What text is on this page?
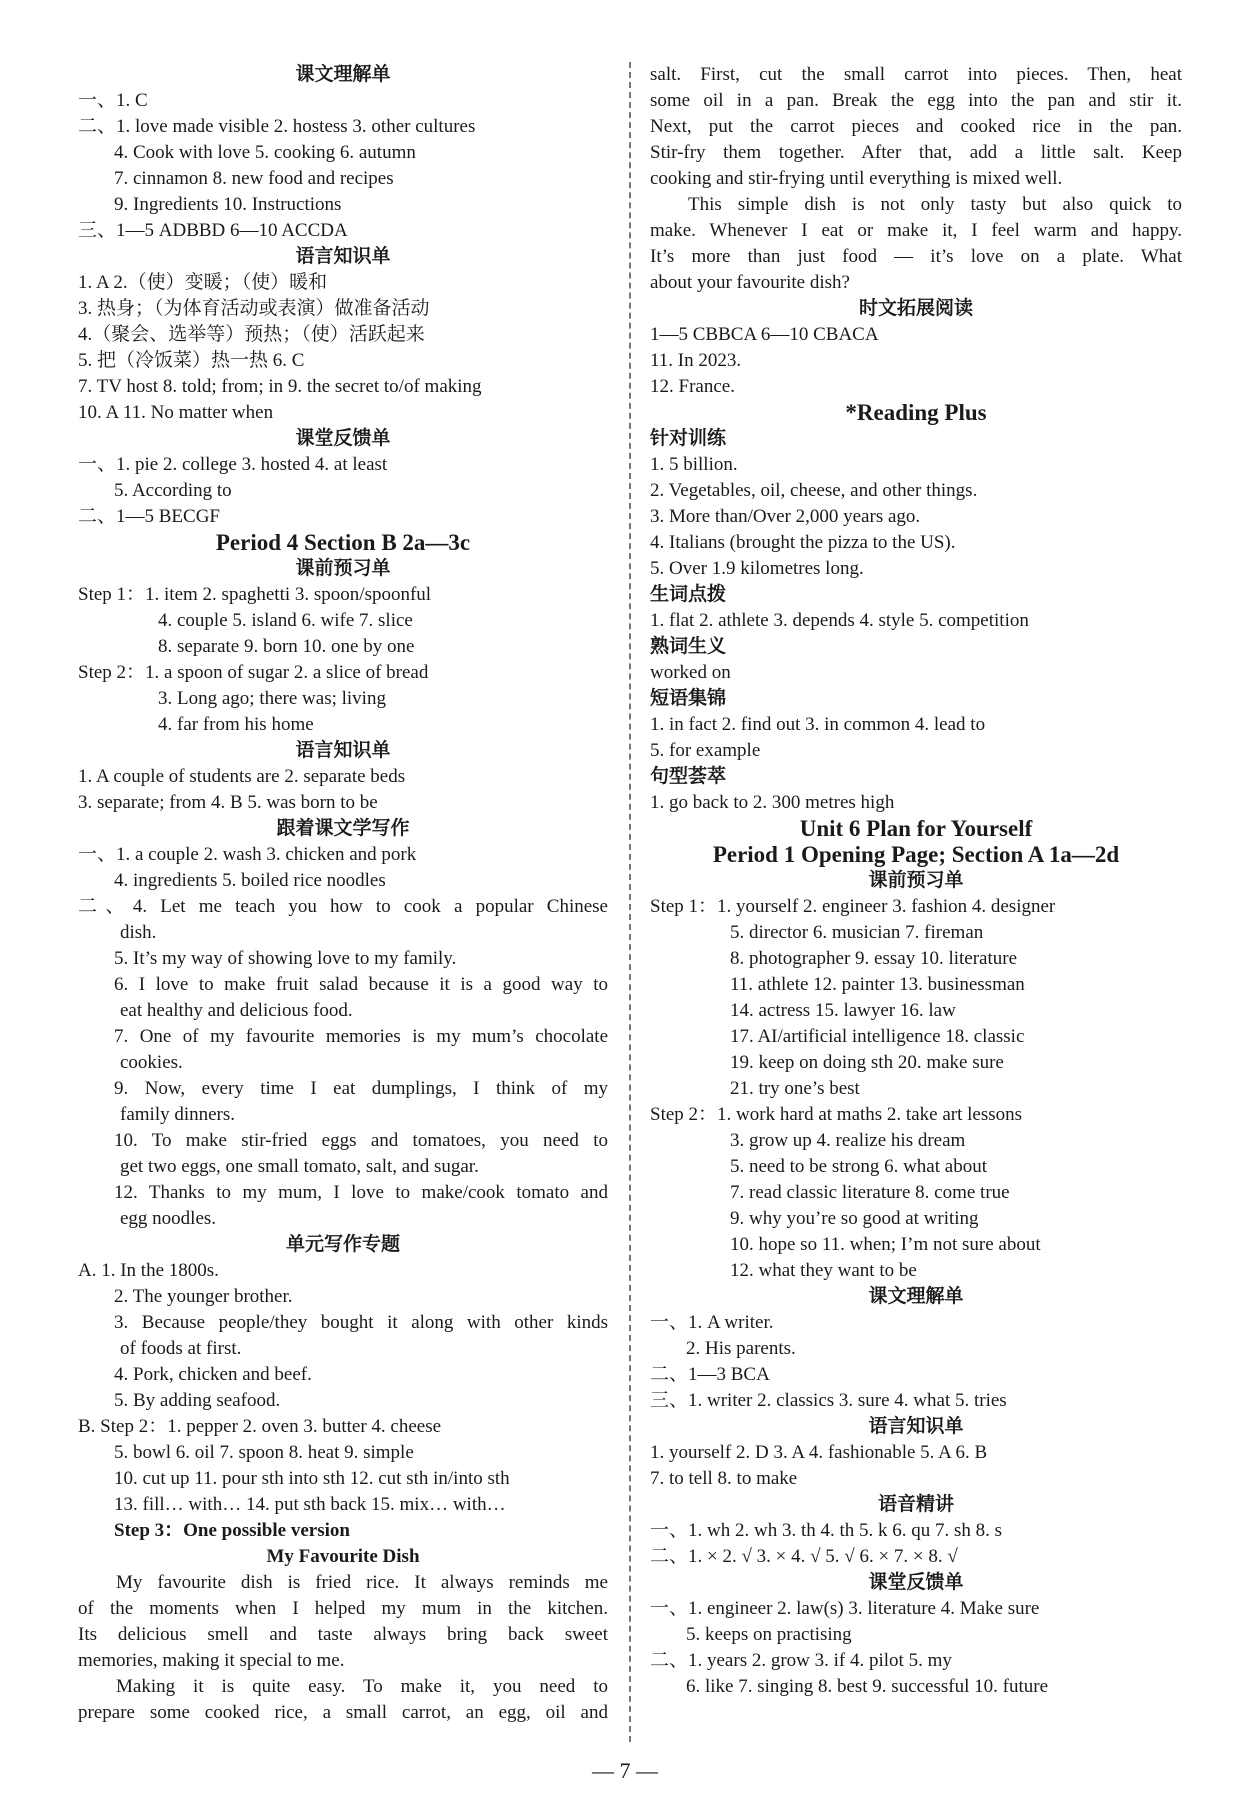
课文理解单
一、1. C
二、1. love made visible 2. hostess 3. other cultures
4. Cook with love 5. cooking 6. autumn
7. cinnamon 8. new food and recipes
9. Ingredients 10. Instructions
三、1—5 ADBBD 6—10 ACCDA
语言知识单
1. A 2.（使）变暖；（使）暖和
3. 热身；（为体育活动或表演）做准备活动
4.（聚会、选举等）预热；（使）活跃起来
5. 把（冷饭菜）热一热 6. C
7. TV host 8. told; from; in 9. the secret to/of making
10. A 11. No matter when
课堂反馈单
一、1. pie 2. college 3. hosted 4. at least
5. According to
二、1—5 BECGF
Period 4 Section B 2a—3c
课前预习单
Step 1：1. item 2. spaghetti 3. spoon/spoonful
4. couple 5. island 6. wife 7. slice
8. separate 9. born 10. one by one
Step 2：1. a spoon of sugar 2. a slice of bread
3. Long ago; there was; living
4. far from his home
语言知识单
1. A couple of students are 2. separate beds
3. separate; from 4. B 5. was born to be
跟着课文学写作
一、1. a couple 2. wash 3. chicken and pork
4. ingredients 5. boiled rice noodles
二、4. Let me teach you how to cook a popular Chinese
dish.
5. It’s my way of showing love to my family.
6. I love to make fruit salad because it is a good way to
eat healthy and delicious food.
7. One of my favourite memories is my mum’s chocolate
cookies.
9. Now, every time I eat dumplings, I think of my
family dinners.
10. To make stir-fried eggs and tomatoes, you need to
get two eggs, one small tomato, salt, and sugar.
12. Thanks to my mum, I love to make/cook tomato and
egg noodles.
单元写作专题
A. 1. In the 1800s.
2. The younger brother.
3. Because people/they bought it along with other kinds
of foods at first.
4. Pork, chicken and beef.
5. By adding seafood.
B. Step 2：1. pepper 2. oven 3. butter 4. cheese
5. bowl 6. oil 7. spoon 8. heat 9. simple
10. cut up 11. pour sth into sth 12. cut sth in/into sth
13. fill… with… 14. put sth back 15. mix… with…
Step 3：One possible version
My Favourite Dish
My favourite dish is fried rice. It always reminds me
of the moments when I helped my mum in the kitchen.
Its delicious smell and taste always bring back sweet
memories, making it special to me.
Making it is quite easy. To make it, you need to
prepare some cooked rice, a small carrot, an egg, oil and
salt. First, cut the small carrot into pieces. Then, heat
some oil in a pan. Break the egg into the pan and stir it.
Next, put the carrot pieces and cooked rice in the pan.
Stir-fry them together. After that, add a little salt. Keep
cooking and stir-frying until everything is mixed well.
This simple dish is not only tasty but also quick to
make. Whenever I eat or make it, I feel warm and happy.
It’s more than just food — it’s love on a plate. What
about your favourite dish?
时文拓展阅读
1—5 CBBCA 6—10 CBACA
11. In 2023.
12. France.
*Reading Plus
针对训练
1. 5 billion.
2. Vegetables, oil, cheese, and other things.
3. More than/Over 2,000 years ago.
4. Italians (brought the pizza to the US).
5. Over 1.9 kilometres long.
生词点拨
1. flat 2. athlete 3. depends 4. style 5. competition
熟词生义
worked on
短语集锦
1. in fact 2. find out 3. in common 4. lead to
5. for example
句型荟萃
1. go back to 2. 300 metres high
Unit 6 Plan for Yourself
Period 1 Opening Page; Section A 1a—2d
课前预习单
Step 1：1. yourself 2. engineer 3. fashion 4. designer
5. director 6. musician 7. fireman
8. photographer 9. essay 10. literature
11. athlete 12. painter 13. businessman
14. actress 15. lawyer 16. law
17. AI/artificial intelligence 18. classic
19. keep on doing sth 20. make sure
21. try one’s best
Step 2：1. work hard at maths 2. take art lessons
3. grow up 4. realize his dream
5. need to be strong 6. what about
7. read classic literature 8. come true
9. why you’re so good at writing
10. hope so 11. when; I’m not sure about
12. what they want to be
课文理解单
一、1. A writer.
2. His parents.
二、1—3 BCA
三、1. writer 2. classics 3. sure 4. what 5. tries
语言知识单
1. yourself 2. D 3. A 4. fashionable 5. A 6. B
7. to tell 8. to make
语音精讲
一、1. wh 2. wh 3. th 4. th 5. k 6. qu 7. sh 8. s
二、1. × 2. √ 3. × 4. √ 5. √ 6. × 7. × 8. √
课堂反馈单
一、1. engineer 2. law(s) 3. literature 4. Make sure
5. keeps on practising
二、1. years 2. grow 3. if 4. pilot 5. my
6. like 7. singing 8. best 9. successful 10. future
— 7 —
